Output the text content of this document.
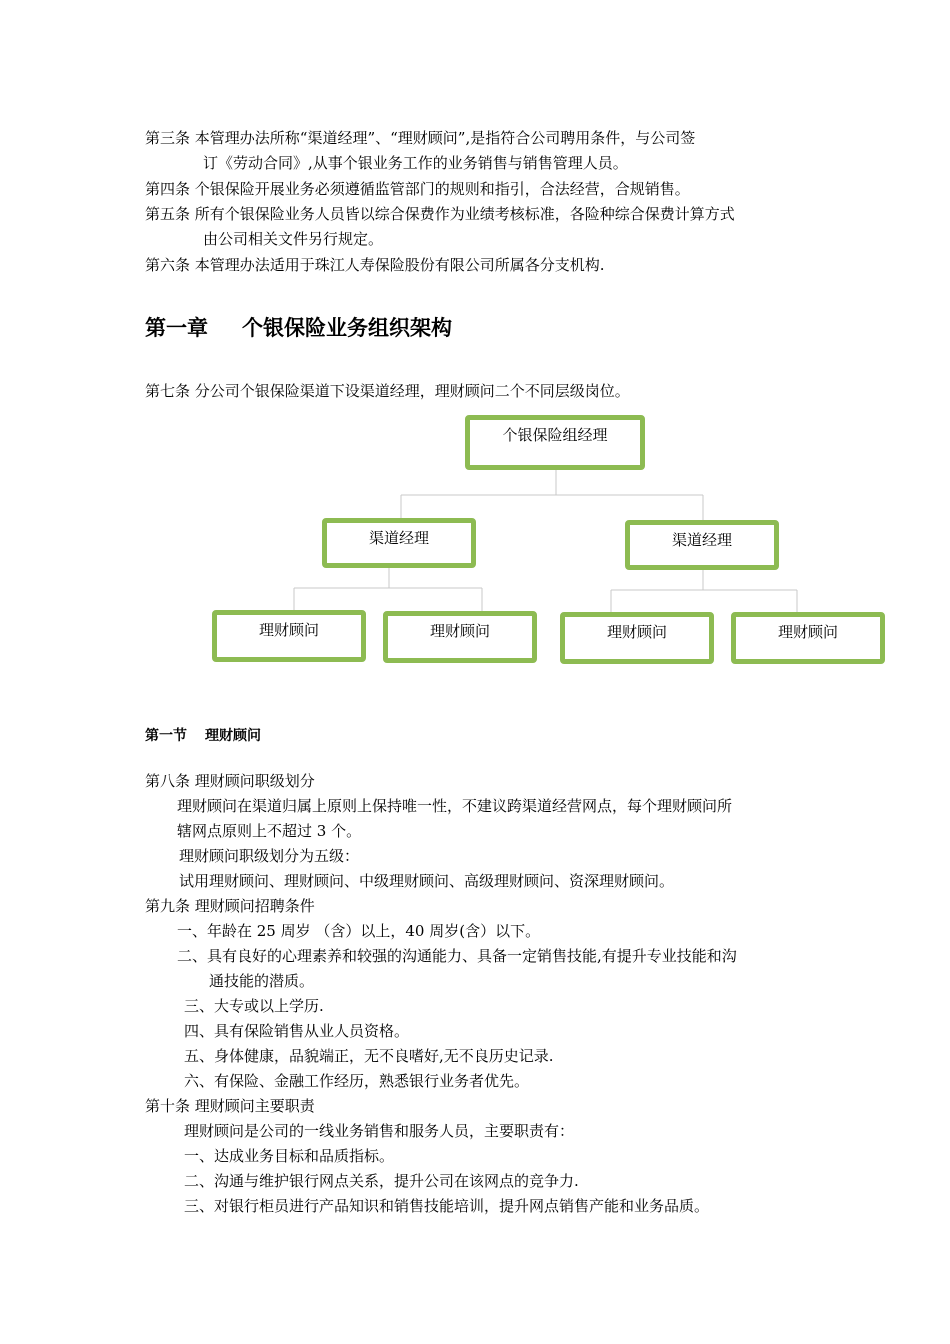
第三条 本管理办法所称“渠道经理”、“理财顾问”,是指符合公司聘用条件，与公司签
订《劳动合同》,从事个银业务工作的业务销售与销售管理人员。
第四条 个银保险开展业务必须遵循监管部门的规则和指引，合法经营，合规销售。
第五条 所有个银保险业务人员皆以综合保费作为业绩考核标准，各险种综合保费计算方式
由公司相关文件另行规定。
第六条 本管理办法适用于珠江人寿保险股份有限公司所属各分支机构.
第一章 个银保险业务组织架构
第七条 分公司个银保险渠道下设渠道经理，理财顾问二个不同层级岗位。
个银保险组经理
渠道经理	渠道经理
理财顾问	理财顾问	理财顾问	理财顾问
第一节 理财顾问
第八条 理财顾问职级划分
理财顾问在渠道归属上原则上保持唯一性，不建议跨渠道经营网点，每个理财顾问所
辖网点原则上不超过 3 个。
理财顾问职级划分为五级：
试用理财顾问、理财顾问、中级理财顾问、高级理财顾问、资深理财顾问。
第九条 理财顾问招聘条件
一、年龄在 25 周岁 （含）以上，40 周岁(含）以下。
二、具有良好的心理素养和较强的沟通能力、具备一定销售技能,有提升专业技能和沟
通技能的潜质。
三、大专或以上学历.
四、具有保险销售从业人员资格。
五、身体健康，品貌端正，无不良嗜好,无不良历史记录.
六、有保险、金融工作经历，熟悉银行业务者优先。
第十条 理财顾问主要职责
理财顾问是公司的一线业务销售和服务人员，主要职责有：
一、达成业务目标和品质指标。
二、沟通与维护银行网点关系，提升公司在该网点的竞争力.
三、对银行柜员进行产品知识和销售技能培训，提升网点销售产能和业务品质。
